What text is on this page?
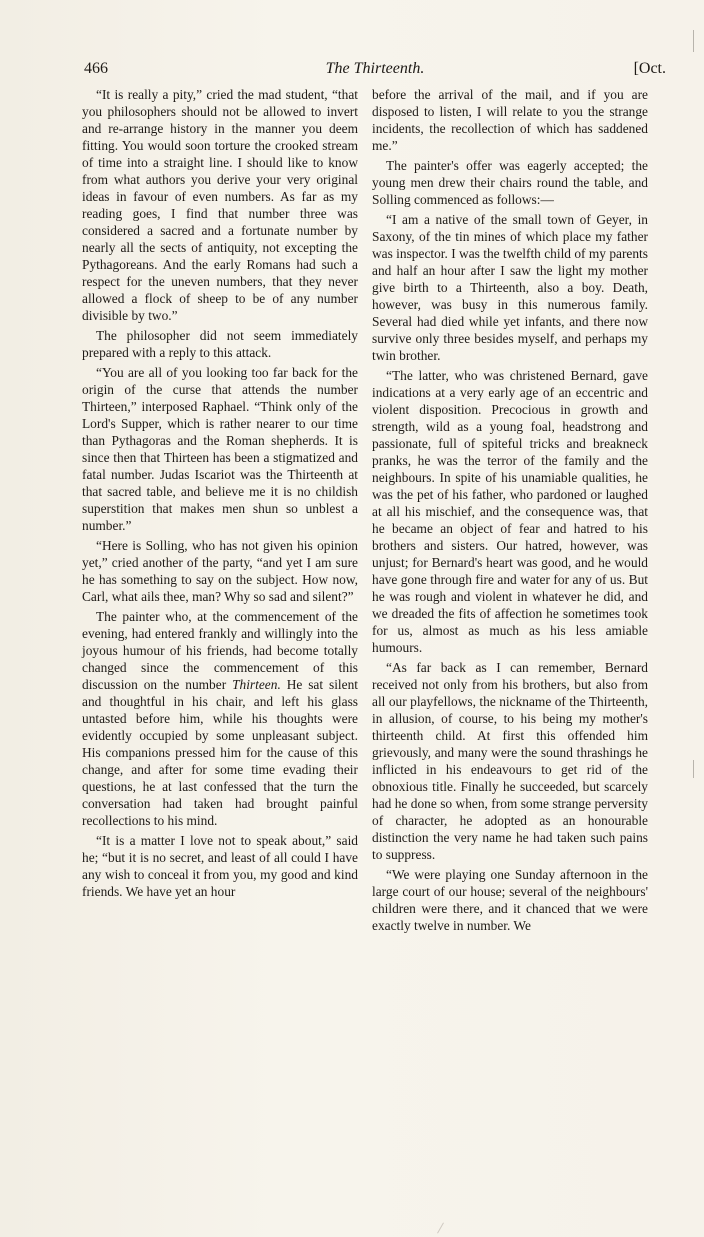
466	The Thirteenth.	[Oct.

“It is really a pity,” cried the mad student, “that you philosophers should not be allowed to invert and re-arrange history in the manner you deem fitting. You would soon torture the crooked stream of time into a straight line. I should like to know from what authors you derive your very original ideas in favour of even numbers. As far as my reading goes, I find that number three was considered a sacred and a fortunate number by nearly all the sects of antiquity, not excepting the Pythagoreans. And the early Romans had such a respect for the uneven numbers, that they never allowed a flock of sheep to be of any number divisible by two.”

The philosopher did not seem immediately prepared with a reply to this attack.

“You are all of you looking too far back for the origin of the curse that attends the number Thirteen,” interposed Raphael. “Think only of the Lord's Supper, which is rather nearer to our time than Pythagoras and the Roman shepherds. It is since then that Thirteen has been a stigmatized and fatal number. Judas Iscariot was the Thirteenth at that sacred table, and believe me it is no childish superstition that makes men shun so unblest a number.”

“Here is Solling, who has not given his opinion yet,” cried another of the party, “and yet I am sure he has something to say on the subject. How now, Carl, what ails thee, man? Why so sad and silent?”

The painter who, at the commencement of the evening, had entered frankly and willingly into the joyous humour of his friends, had become totally changed since the commencement of this discussion on the number Thirteen. He sat silent and thoughtful in his chair, and left his glass untasted before him, while his thoughts were evidently occupied by some unpleasant subject. His companions pressed him for the cause of this change, and after for some time evading their questions, he at last confessed that the turn the conversation had taken had brought painful recollections to his mind.

“It is a matter I love not to speak about,” said he; “but it is no secret, and least of all could I have any wish to conceal it from you, my good and kind friends. We have yet an hour

before the arrival of the mail, and if you are disposed to listen, I will relate to you the strange incidents, the recollection of which has saddened me.”

The painter's offer was eagerly accepted; the young men drew their chairs round the table, and Solling commenced as follows:—

“I am a native of the small town of Geyer, in Saxony, of the tin mines of which place my father was inspector. I was the twelfth child of my parents and half an hour after I saw the light my mother give birth to a Thirteenth, also a boy. Death, however, was busy in this numerous family. Several had died while yet infants, and there now survive only three besides myself, and perhaps my twin brother.

“The latter, who was christened Bernard, gave indications at a very early age of an eccentric and violent disposition. Precocious in growth and strength, wild as a young foal, headstrong and passionate, full of spiteful tricks and breakneck pranks, he was the terror of the family and the neighbours. In spite of his unamiable qualities, he was the pet of his father, who pardoned or laughed at all his mischief, and the consequence was, that he became an object of fear and hatred to his brothers and sisters. Our hatred, however, was unjust; for Bernard's heart was good, and he would have gone through fire and water for any of us. But he was rough and violent in whatever he did, and we dreaded the fits of affection he sometimes took for us, almost as much as his less amiable humours.

“As far back as I can remember, Bernard received not only from his brothers, but also from all our playfellows, the nickname of the Thirteenth, in allusion, of course, to his being my mother's thirteenth child. At first this offended him grievously, and many were the sound thrashings he inflicted in his endeavours to get rid of the obnoxious title. Finally he succeeded, but scarcely had he done so when, from some strange perversity of character, he adopted as an honourable distinction the very name he had taken such pains to suppress.

“We were playing one Sunday afternoon in the large court of our house; several of the neighbours' children were there, and it chanced that we were exactly twelve in number. We
